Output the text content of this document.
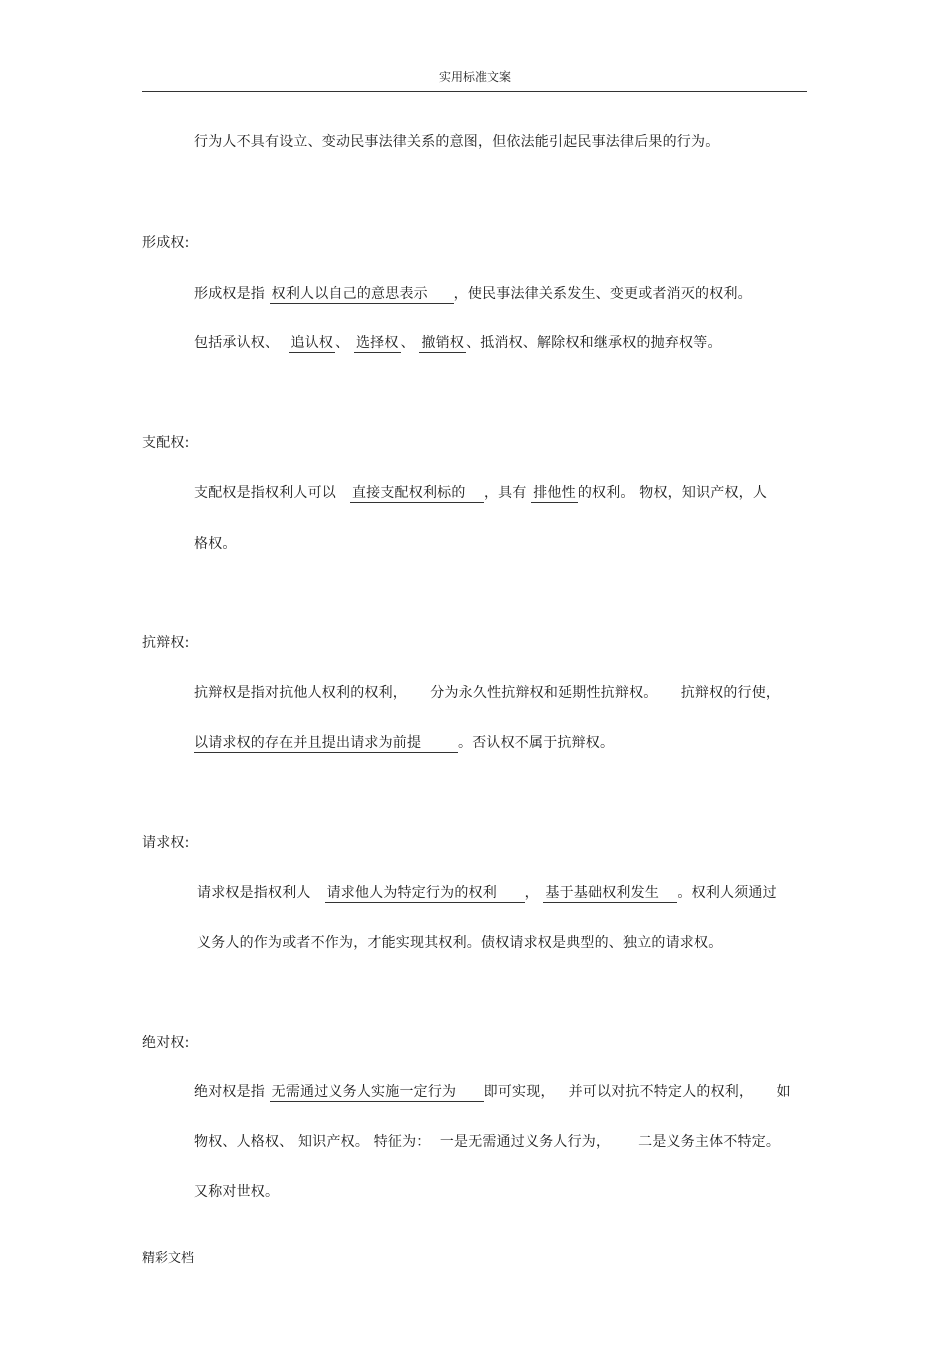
实用标准文案
行为人不具有设立、变动民事法律关系的意图，但依法能引起民事法律后果的行为。
形成权:
形成权是指 权利人以自己的意思表示 ，使民事法律关系发生、变更或者消灭的权利。
包括承认权、 追认权 、 选择权 、 撤销权 、抵消权、解除权和继承权的抛弃权等。
支配权:
支配权是指权利人可以 直接支配权利标的 ，具有 排他性 的权利。 物权，知识产权，人
格权。
抗辩权:
抗辩权是指对抗他人权利的权利， 分为永久性抗辩权和延期性抗辩权。 抗辩权的行使，
以请求权的存在并且提出请求为前提	。否认权不属于抗辩权。
请求权:
请求权是指权利人 请求他人为特定行为的权利 ， 基于基础权利发生 。权利人须通过
义务人的作为或者不作为，才能实现其权利。债权请求权是典型的、独立的请求权。
绝对权:
绝对权是指 无需通过义务人实施一定行为 即可实现， 并可以对抗不特定人的权利， 如
物权、人格权、 知识产权。 特征为： 一是无需通过义务人行为， 二是义务主体不特定。
又称对世权。
精彩文档
